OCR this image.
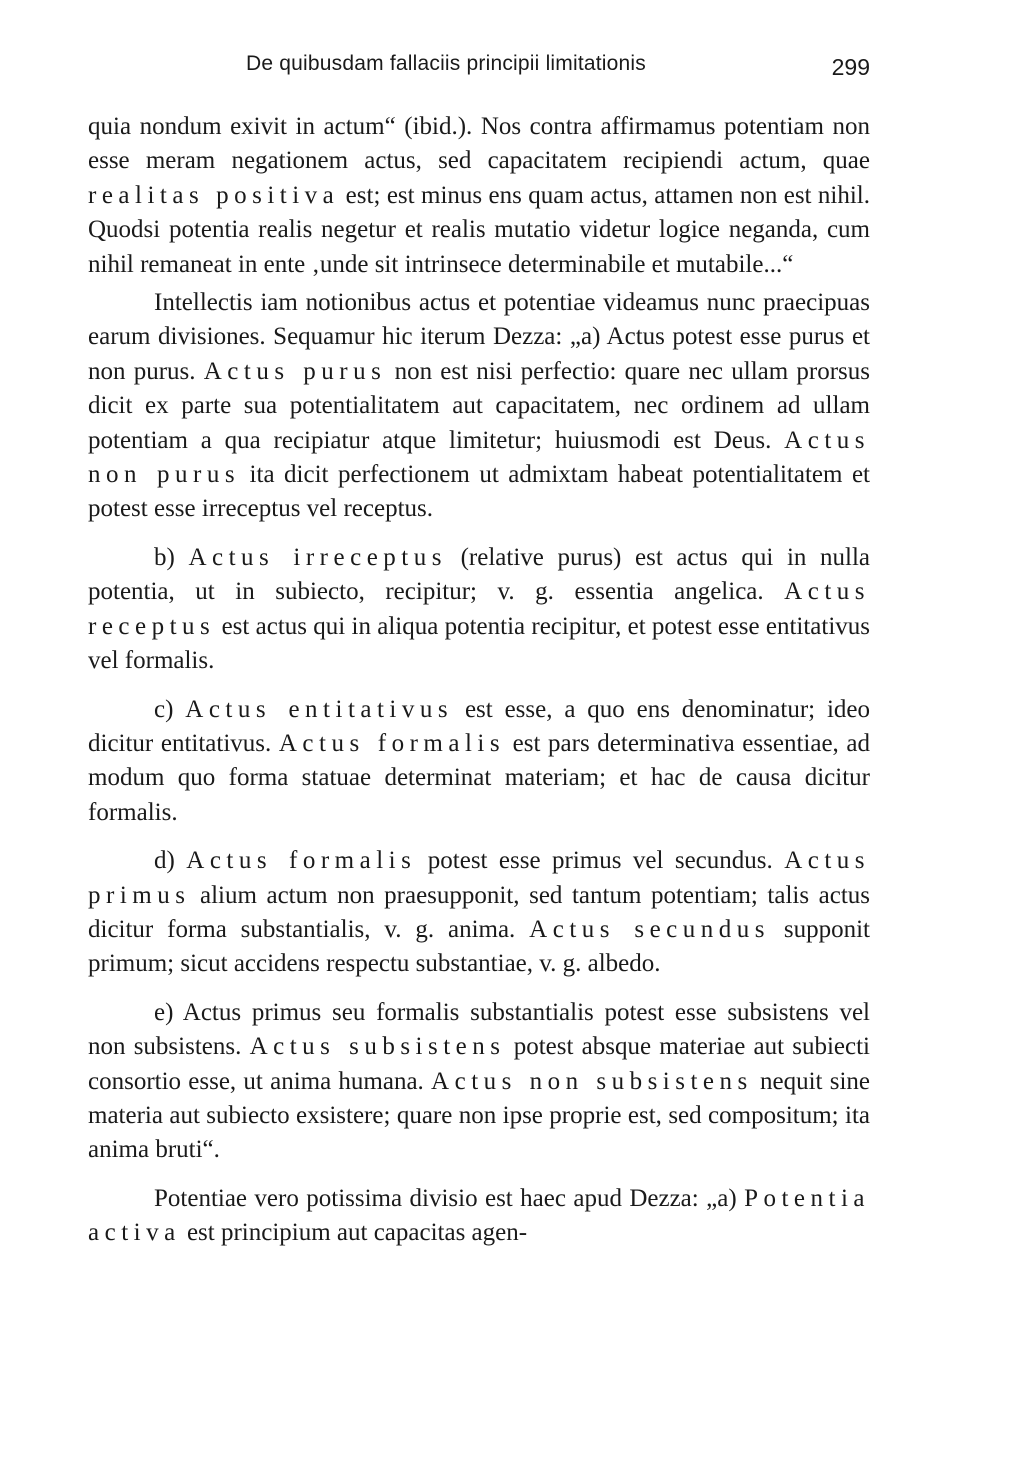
De quibusdam fallaciis principii limitationis	299

quia nondum exivit in actum“ (ibid.). Nos contra affirmamus potentiam non esse meram negationem actus, sed capacitatem recipiendi actum, quae realitas positiva est; est minus ens quam actus, attamen non est nihil. Quodsi potentia realis negetur et realis mutatio videtur logice neganda, cum nihil remaneat in ente ‚unde sit intrinsece determinabile et mutabile...“

Intellectis iam notionibus actus et potentiae videamus nunc praecipuas earum divisiones. Sequamur hic iterum Dezza: „a) Actus potest esse purus et non purus. Actus purus non est nisi perfectio: quare nec ullam prorsus dicit ex parte sua potentialitatem aut capacitatem, nec ordinem ad ullam potentiam a qua recipiatur atque limitetur; huiusmodi est Deus. Actus non purus ita dicit perfectionem ut admixtam habeat potentialitatem et potest esse irreceptus vel receptus.

b) Actus irreceptus (relative purus) est actus qui in nulla potentia, ut in subiecto, recipitur; v. g. essentia angelica. Actus receptus est actus qui in aliqua potentia recipitur, et potest esse entitativus vel formalis.

c) Actus entitativus est esse, a quo ens denominatur; ideo dicitur entitativus. Actus formalis est pars determinativa essentiae, ad modum quo forma statuae determinat materiam; et hac de causa dicitur formalis.

d) Actus formalis potest esse primus vel secundus. Actus primus alium actum non praesupponit, sed tantum potentiam; talis actus dicitur forma substantialis, v. g. anima. Actus secundus supponit primum; sicut accidens respectu substantiae, v. g. albedo.

e) Actus primus seu formalis substantialis potest esse subsistens vel non subsistens. Actus subsistens potest absque materiae aut subiecti consortio esse, ut anima humana. Actus non subsistens nequit sine materia aut subiecto exsistere; quare non ipse proprie est, sed compositum; ita anima bruti“.

Potentiae vero potissima divisio est haec apud Dezza: „a) Potentia activa est principium aut capacitas agen-
